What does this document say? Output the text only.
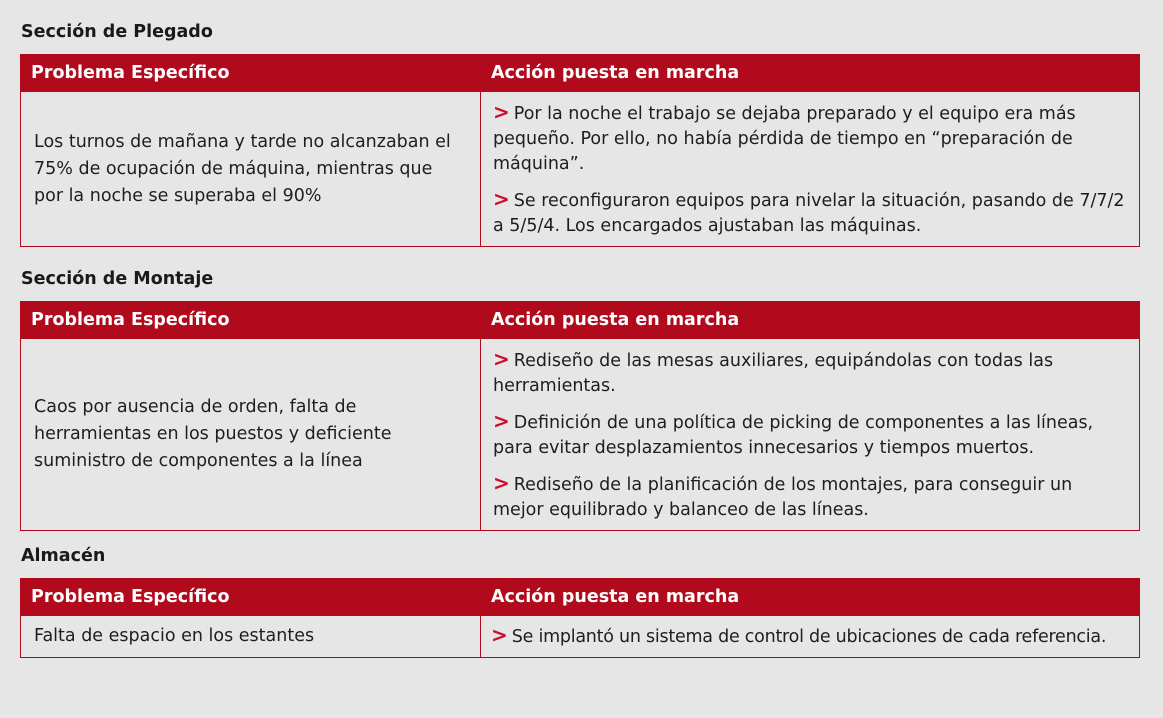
Sección de Plegado
Problema Específico	Acción puesta en marcha
Los turnos de mañana y tarde no alcanzaban el 75% de ocupación de máquina, mientras que por la noche se superaba el 90%	> Por la noche el trabajo se dejaba preparado y el equipo era más pequeño. Por ello, no había pérdida de tiempo en “preparación de máquina”.

> Se reconfiguraron equipos para nivelar la situación, pasando de 7/7/2 a 5/5/4. Los encargados ajustaban las máquinas.

Sección de Montaje
Problema Específico	Acción puesta en marcha
Caos por ausencia de orden, falta de herramientas en los puestos y deficiente suministro de componentes a la línea	> Rediseño de las mesas auxiliares, equipándolas con todas las herramientas.

> Definición de una política de picking de componentes a las líneas, para evitar desplazamientos innecesarios y tiempos muertos.

> Rediseño de la planificación de los montajes, para conseguir un mejor equilibrado y balanceo de las líneas.

Almacén
Problema Específico	Acción puesta en marcha
Falta de espacio en los estantes	> Se implantó un sistema de control de ubicaciones de cada referencia.
